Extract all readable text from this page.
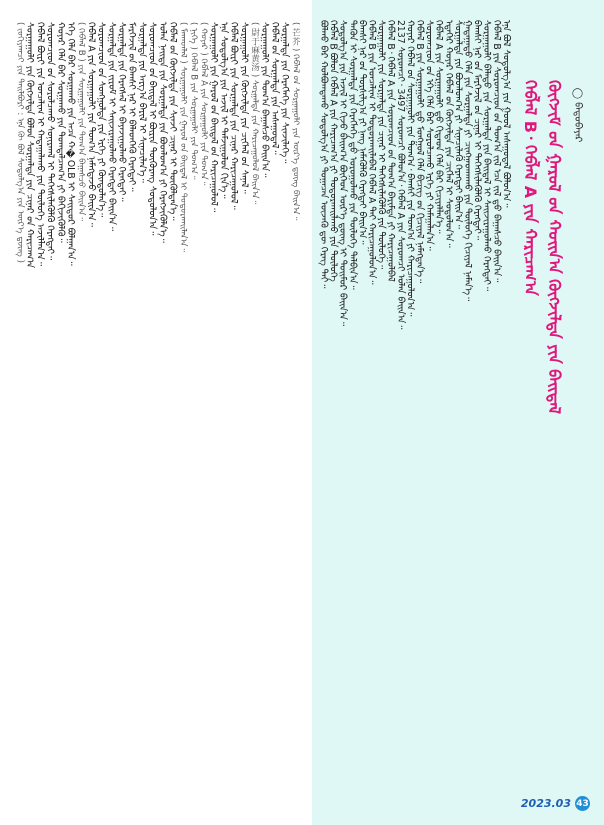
ᠬᠡᠪᠯᠡᠯ B᠂ ᠬᠡᠪᠯᠡᠯ A ᠶᠢᠨ ᠬᠠᠷᠢᠴᠠᠭ᠎ᠠ ᠬᠦᠭᠵᠢᠮ ᠤ᠋ᠨ ᠭᠠᠷᠤᠯ ᠤ᠋ᠨ ᠬᠣᠢᠨ᠎ᠠ ᠬᠥᠭᠵᠢᠯᠲᠡ ᠶᠢᠨ ᠪᠠᠢᠳᠠᠯ ◯ ᠪᠠᠲᠤᠪᠠᠶᠠᠷ
ᠪᠤᠯᠬᠤ ᠪᠡᠷ ᠬᠣᠯᠪᠣᠭᠳᠠᠬᠤ ᠰᠤᠳᠤᠯᠭ᠎ᠠ ᠶᠢ ᠲᠣᠭᠠᠴᠠᠨ ᠦᠵᠡᠬᠦ ᠳᠦ ᠬᠡᠷᠡᠭ ᠲᠡᠢ᠃
ᠬᠡᠪᠯᠡᠯ B ᠪᠣᠯᠤᠨ ᠬᠡᠪᠯᠡᠯ A ᠶᠢᠨ ᠬᠠᠷᠢᠴᠠᠭ᠎ᠠ ᠶᠢ ᠲᠣᠳᠤᠷᠬᠠᠢᠯᠠᠬᠤ ᠶᠢᠨ ᠲᠥᠯᠦᠭᠡ
ᠰᠤᠳᠤᠯᠭ᠎ᠠ ᠶᠢᠨ ᠠᠵᠢᠯ ᠢ ᠬᠢᠵᠦ ᠪᠠᠢᠭ᠎ᠠ ᠪᠥᠭᠡᠳ ᠦᠷ᠎ᠡ ᠳ᠋ᠦᠩ ᠢ ᠲᠣᠢᠮᠤᠷ ᠪᠠᠢᠨ᠎ᠠ᠃
ᠲᠡᠭᠦᠨ ᠢ ᠰᠤᠷᠭᠠᠯᠲᠠ ᠶᠢᠨ ᠬᠡᠷᠡᠭᠯᠡᠬᠡ ᠳ᠋ᠦ ᠣᠷᠣᠭᠤᠯᠬᠤ ᠶᠢᠨ ᠲᠥᠯᠦᠭᠡ ᠲᠠᠯᠪᠢᠨ᠎ᠠ᠃
ᠪᠠᠭᠰᠢ ᠨᠠᠷ ᠤ᠋ᠨ ᠲᠤᠷᠰᠢᠯᠭ᠎ᠠ ᠶᠢ ᠨᠡᠩ ᠨᠡᠮᠡᠭᠦᠯᠬᠦ ᠬᠡᠷᠡᠭᠲᠡᠢ ᠪᠠᠢᠨ᠎ᠠ᠃
ᠬᠡᠪᠯᠡᠯ B ᠶᠢᠨ ᠣᠨᠴᠠᠯᠢᠭ ᠢ ᠲᠣᠳᠤᠷᠬᠠᠢᠯᠠᠪᠠᠯ ᠬᠡᠪᠯᠡᠯ A ᠲᠠᠢ ᠬᠠᠷᠢᠴᠠᠭᠤᠯᠤᠨ᠎ᠠ᠃
ᠰᠤᠷᠭᠠᠭᠤᠯᠢ ᠶᠢᠨ ᠰᠤᠷᠭᠠᠯᠲᠠ ᠶᠢᠨ ᠴᠢᠨᠠᠷ ᠢ ᠳᠡᠭᠡᠭᠰᠢᠯᠡᠭᠦᠯᠬᠦ ᠶᠢᠨ ᠲᠥᠯᠦᠭᠡ᠃
ᠬᠡᠪᠯᠡᠯ B᠂ ᠬᠡᠪᠯᠡᠯ A ᠶᠢᠨ ᠰᠤᠷᠤᠭᠴᠢᠳ ᠤ᠋ᠨ ᠲᠣᠭ᠎ᠠ ᠪᠠᠷᠢᠮᠲᠠ ᠶᠢ ᠬᠠᠷᠢᠴᠠᠭᠤᠯᠪᠠᠯ
2137 ᠰᠤᠷᠤᠭᠴᠢ᠂ 3497 ᠰᠤᠷᠤᠭᠴᠢ ᠪᠣᠯᠤᠨ᠎ᠠ᠂ ᠬᠡᠪᠯᠡᠯ A ᠶᠢᠨ ᠰᠤᠷᠤᠭᠴᠢ ᠣᠯᠠᠨ ᠪᠠᠢᠨ᠎ᠠ᠃
ᠬᠣᠶᠠᠷ ᠬᠡᠪᠯᠡᠯ ᠦ᠋ᠨ ᠰᠤᠷᠭᠠᠭᠤᠯᠢ ᠶᠢᠨ ᠲᠣᠭ᠎ᠠ᠂ ᠪᠠᠭᠰᠢ ᠶᠢᠨ ᠲᠣᠭ᠎ᠠ ᠶᠢ ᠬᠠᠷᠢᠴᠠᠭᠤᠯᠤᠨ᠎ᠠ᠃
ᠬᠡᠪᠯᠡᠯ B ᠶᠢᠨ ᠰᠤᠷᠭᠠᠭᠤᠯᠢ ᠳ᠋ᠤ ᠮᠣᠩᠭᠣᠯ ᠬᠡᠯᠡ ᠪᠢᠴᠢᠭ ᠦ᠋ᠨ ᠬᠢᠴᠢᠶᠡᠯ ᠨᠡᠮᠡᠭᠳᠡᠨ᠎ᠡ᠃
ᠰᠤᠷᠤᠭᠴᠢᠳ ᠤ᠋ᠨ ᠡᠬᠡ ᠬᠡᠯᠡ ᠪᠡᠷ ᠰᠤᠷᠤᠯᠴᠠᠬᠤ ᠡᠷᠬᠡ ᠶᠢ ᠬᠠᠮᠠᠭᠠᠯᠠᠨ᠎ᠠ᠃
ᠬᠡᠪᠯᠡᠯ A ᠶᠢᠨ ᠰᠤᠷᠭᠠᠭᠤᠯᠢ ᠳ᠋ᠤ ᠬᠢᠳᠠᠳ ᠬᠡᠯᠡ ᠪᠡᠷ ᠬᠢᠴᠢᠶᠡᠯᠯᠡᠨ᠎ᠡ᠃
ᠡᠳᠡᠭᠡᠷ ᠬᠣᠶᠠᠷ ᠬᠡᠪᠯᠡᠯ ᠦ᠋ᠨ ᠬᠥᠭᠵᠢᠯᠲᠡ ᠶᠢᠨ ᠴᠢᠭᠯᠡᠯ ᠢ ᠰᠤᠳᠤᠯᠤᠨ᠎ᠠ᠃
ᠰᠤᠷᠭᠠᠯᠲᠠ ᠶᠢᠨ ᠪᠣᠳᠯᠣᠭ᠎ᠠ ᠶᠢ ᠰᠢᠨᠡᠴᠢᠯᠡᠬᠦ ᠬᠡᠷᠡᠭᠲᠡᠢ ᠪᠠᠢᠨ᠎ᠠ᠃
ᠭᠠᠳᠠᠭᠠᠳᠤ ᠬᠡᠯᠡ ᠶᠢᠨ ᠰᠤᠷᠭᠠᠯᠲᠠ ᠶᠢ ᠴᠢᠩᠭᠠᠳᠬᠠᠬᠤ ᠶᠢᠨ ᠲᠥᠯᠦᠭᠡ ᠬᠢᠴᠢᠶᠡᠯ ᠨᠡᠮᠡᠨ᠎ᠡ᠃
ᠪᠠᠭᠰᠢ ᠨᠠᠷ ᠤ᠋ᠨ ᠮᠡᠷᠭᠡᠵᠢᠯ ᠦ᠋ᠨ ᠴᠢᠨᠠᠷ ᠢ ᠳᠡᠭᠡᠭᠰᠢᠯᠡᠭᠦᠯᠬᠦ ᠬᠡᠷᠡᠭᠲᠡᠢ᠃
ᠰᠤᠷᠭᠠᠭᠤᠯᠢ ᠪᠠᠯᠠᠳᠤ ᠶᠢᠨ ᠰᠤᠷᠭᠠᠯᠲᠠ ᠶᠢᠨ ᠪᠠᠢᠳᠠᠯ ᠢ ᠰᠠᠢᠵᠢᠷᠠᠭᠤᠯᠬᠤ ᠬᠡᠷᠡᠭᠲᠡᠢ᠃
ᠬᠡᠪᠯᠡᠯ B ᠶᠢᠨ ᠰᠤᠷᠤᠭᠴᠢᠳ ᠤ᠋ᠨ ᠲᠣᠭ᠎ᠠ ᠵᠢᠯ ᠡᠴᠡ ᠵᠢᠯ ᠳ᠋ᠦ ᠪᠠᠭᠠᠰᠴᠤ ᠪᠠᠢᠨ᠎ᠠ᠃
ᠡᠨᠡ ᠪᠣᠯ ᠰᠤᠳᠤᠯᠭ᠎ᠠ ᠶᠢᠨ ᠭᠣᠣᠯ ᠠᠰᠠᠭᠤᠳᠠᠯ ᠪᠣᠯᠤᠨ᠎ᠠ᠃
( ᠵᠣᠬᠢᠶᠠᠭᠴᠢ ᠶᠢᠨ ᠲᠠᠢᠯᠪᠤᠷᠢ : ᠡᠨᠡ ᠬᠦ ᠪᠣᠯ ᠰᠤᠳᠤᠯᠭ᠎ᠠ ᠶᠢᠨ ᠦᠷ᠎ᠡ ᠳ᠋ᠦᠩ ) ᠰᠤᠷᠭᠠᠭᠤᠯᠢ ᠶᠢᠨ ᠬᠥᠭᠵᠢᠯᠲᠡ ᠪᠣᠯᠤᠨ ᠰᠤᠷᠭᠠᠯᠲᠠ ᠶᠢᠨ ᠴᠢᠨᠠᠷ ᠤ᠋ᠨ ᠬᠠᠷᠢᠴᠠᠭ᠎ᠠ ᠬᠡᠪᠯᠡᠯ ᠪᠦᠷᠢ ᠶᠢᠨ ᠣᠨᠴᠠᠯᠢᠭ ᠢ ᠬᠠᠳᠠᠭᠠᠯᠠᠬᠤ ᠶᠢᠨ ᠲᠥᠯᠦᠭᠡ ᠠᠵᠢᠯᠯᠠᠨ᠎ᠠ᠃ ᠰᠤᠷᠤᠭᠴᠢᠳ ᠤ᠋ᠨ ᠰᠤᠷᠤᠯᠴᠠᠬᠤ ᠰᠣᠨᠢᠷᠬᠠᠯ ᠢ ᠳᠡᠭᠡᠭᠰᠢᠯᠡᠭᠦᠯᠬᠦ ᠬᠡᠷᠡᠭᠲᠡᠢ᠃ ᠬᠣᠶᠠᠷ ᠬᠡᠯᠡ ᠪᠡᠷ ᠰᠤᠷᠭᠠᠬᠤ ᠶᠢᠨ ᠲᠣᠭᠲᠠᠯᠴᠠᠭ᠎ᠠ ᠶᠢ ᠪᠡᠬᠢᠵᠢᠭᠦᠯᠬᠦ᠃ ᠡᠬᠡ ᠬᠡᠯᠡ ᠪᠡᠷ ᠰᠤᠷᠭᠠᠬᠤ ᠶᠢᠨ ᠠᠴᠠ ᠬ�OLB ᠢ ᠰᠠᠢᠲᠤᠷ ᠪᠣᠯᠭᠠᠨ᠎ᠠ᠃ ( ᠬᠡᠪᠯᠡᠯ B ) ᠶᠢᠨ ᠰᠤᠷᠭᠠᠭᠤᠯᠢ ᠶᠢᠨ ᠲᠣᠭ᠎ᠠ ᠪᠠᠭᠠᠰᠴᠤ ᠪᠠᠢᠨ᠎ᠠ᠃ ᠬᠡᠪᠯᠡᠯ A ᠶᠢᠨ ᠰᠤᠷᠭᠠᠭᠤᠯᠢ ᠶᠢᠨ ᠲᠣᠭ᠎ᠠ ᠨᠡᠮᠡᠭᠳᠡᠵᠦ ᠪᠠᠢᠨ᠎ᠠ᠃ ᠰᠤᠷᠤᠭᠴᠢᠳ ᠤ᠋ᠨ ᠰᠤᠩᠭᠣᠯᠲᠠ ᠶᠢᠨ ᠡᠷᠬᠡ ᠶᠢ ᠬᠦᠨᠳᠦᠯᠡᠨ᠎ᠡ᠃ ᠰᠤᠷᠭᠠᠯᠲᠠ ᠶᠢᠨ ᠵᠢᠷᠤᠮ ᠢ ᠰᠠᠢᠵᠢᠷᠠᠭᠤᠯᠬᠤ ᠬᠡᠷᠡᠭᠲᠡᠢ ᠪᠠᠢᠨ᠎ᠠ᠃ ᠰᠤᠷᠭᠠᠯᠲᠠ ᠶᠢᠨ ᠬᠡᠷᠡᠭᠰᠡᠯ ᠢ ᠪᠠᠶᠠᠵᠢᠭᠤᠯᠬᠤ ᠬᠡᠷᠡᠭᠲᠡᠢ᠃ ᠮᠡᠷᠭᠡᠵᠢᠯ ᠦ᠋ᠨ ᠪᠠᠭᠰᠢ ᠨᠠᠷ ᠢ ᠪᠡᠯᠡᠳᠬᠡᠬᠦ ᠬᠡᠷᠡᠭᠲᠡᠢ᠃ ᠰᠤᠷᠭᠠᠯᠲᠠ ᠶᠢᠨ ᠠᠷᠭ᠎ᠠ ᠪᠠᠷᠢᠯ ᠢ ᠰᠢᠨᠡᠴᠢᠯᠡᠨ᠎ᠡ᠃ ᠰᠤᠷᠤᠭᠴᠢᠳ ᠤ᠋ᠨ ᠪᠠᠢᠳᠠᠯ ᠢ ᠪᠦᠷᠢᠨ ᠳᠦᠭᠦᠷᠡᠩ ᠰᠤᠳᠤᠯᠤᠨ᠎ᠠ᠃ ᠣᠯᠠᠨ ᠨᠡᠢᠲᠡ ᠶᠢᠨ ᠰᠤᠷᠭᠠᠯᠲᠠ ᠶᠢᠨ ᠪᠣᠳᠯᠣᠭ᠎ᠠ ᠶᠢ ᠬᠡᠷᠡᠭᠵᠢᠭᠦᠯᠨ᠎ᠡ᠃ ᠬᠡᠪᠯᠡᠯ ᠤ᠋ᠨ ᠬᠥᠭᠵᠢᠯᠲᠡ ᠶᠢᠨ ᠰᠢᠨᠵᠢ ᠴᠢᠨᠠᠷ ᠢ ᠳᠦᠭᠦᠯᠳᠡᠨ᠎ᠡ᠃ ( ᠮᠠᠬᠠᠳᠯᠠᠯ ) ᠰᠤᠷᠭᠠᠭᠤᠯᠢ ᠶᠢᠨ ᠭᠠᠷᠤᠯ ᠤ᠋ᠨ ᠪᠠᠢᠳᠠᠯ ᠢ ᠲᠣᠳᠤᠷᠬᠠᠢᠯᠠᠨ᠎ᠠ᠃ ( ᠨᠢᠭᠡ ) ᠬᠡᠪᠯᠡᠯ B ᠶᠢᠨ ᠰᠤᠷᠭᠠᠭᠤᠯᠢ ᠶᠢᠨ ᠲᠣᠭ᠎ᠠ᠃ ( ᠬᠣᠶᠠᠷ ) ᠬᠡᠪᠯᠡᠯ A ᠶᠢᠨ ᠰᠤᠷᠭᠠᠭᠤᠯᠢ ᠶᠢᠨ ᠲᠣᠭ᠎ᠠ᠃ ᠰᠤᠷᠭᠠᠭᠤᠯᠢ ᠶᠢᠨ ᠭᠠᠷᠤᠯ ᠤ᠋ᠨ ᠪᠠᠢᠳᠠᠯ ᠤ᠋ᠨ ᠬᠠᠷᠢᠴᠠᠭᠤᠯᠤᠯ᠃ ᠡᠨᠡ ᠰᠤᠳᠤᠯᠭ᠎ᠠ ᠶᠢᠨ ᠠᠵᠢᠯ ᠢ ᠳᠠᠮᠵᠢᠭᠤᠯᠤᠨ ᠬᠢᠨ᠎ᠡ᠃ ᠬᠡᠪᠯᠡᠯ ᠪᠦᠷᠢ ᠶᠢᠨ ᠰᠤᠷᠭᠠᠯᠲᠠ ᠶᠢᠨ ᠴᠢᠨᠠᠷ ᠬᠠᠷᠢᠴᠠᠭᠤᠯᠤᠯ᠃ ᠰᠤᠷᠭᠠᠭᠤᠯᠢ ᠶᠢᠨ ᠬᠥᠭᠵᠢᠯᠲᠡ ᠶᠢᠨ ᠴᠢᠭᠯᠡᠯ ᠦ᠋ᠨ ᠰᠠᠨᠠᠯ᠃ ( 尉于麻黄汤 ) ᠰᠤᠷᠭᠠᠯᠲᠠ ᠶᠢᠨ ᠬᠠᠷᠢᠴᠠᠭᠤᠯᠤᠯ ᠪᠠᠢᠨ᠎ᠠ᠃ ᠰᠤᠷᠭᠠᠭᠤᠯᠢ ᠶᠢᠨ ᠲᠣᠭ᠎ᠠ ᠪᠠᠭᠠᠰᠴᠤ ᠪᠠᠢᠨ᠎ᠠ᠃ ᠬᠡᠪᠯᠡᠯ ᠤ᠋ᠨ ᠰᠤᠷᠭᠠᠯᠲᠠ ᠶᠢᠨ ᠠᠰᠠᠭᠤᠳᠠᠯ᠃ ᠰᠤᠷᠭᠠᠯᠲᠠ ᠶᠢᠨ ᠬᠡᠷᠡᠭᠯᠡᠭᠡ ᠶᠢᠨ ᠰᠢᠨᠵᠢᠯᠡᠭᠡ᠃ ( 芒芥 ) ᠬᠡᠪᠯᠡᠯ ᠤ᠋ᠨ ᠰᠤᠷᠭᠠᠭᠤᠯᠢ ᠶᠢᠨ ᠦᠷ᠎ᠡ ᠳ᠋ᠦᠩ ᠪᠠᠢᠨ᠎ᠠ᠃
2023.03 43
